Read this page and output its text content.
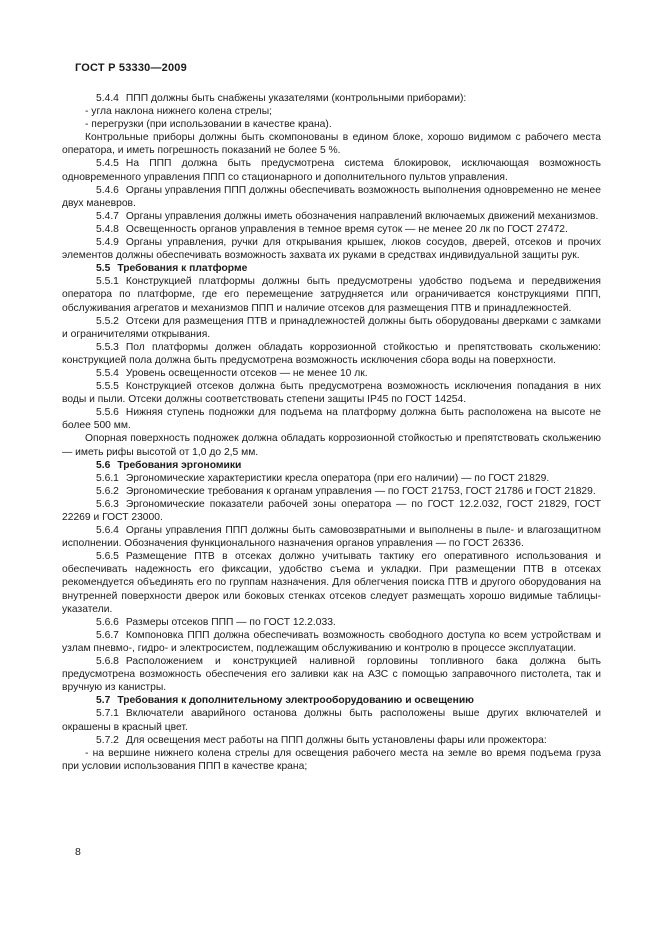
ГОСТ Р 53330—2009

5.4.4 ППП должны быть снабжены указателями (контрольными приборами):

- угла наклона нижнего колена стрелы;

- перегрузки (при использовании в качестве крана).

Контрольные приборы должны быть скомпонованы в едином блоке, хорошо видимом с рабочего места оператора, и иметь погрешность показаний не более 5 %.

5.4.5 На ППП должна быть предусмотрена система блокировок, исключающая возможность одновременного управления ППП со стационарного и дополнительного пультов управления.

5.4.6 Органы управления ППП должны обеспечивать возможность выполнения одновременно не менее двух маневров.

5.4.7 Органы управления должны иметь обозначения направлений включаемых движений механизмов.

5.4.8 Освещенность органов управления в темное время суток — не менее 20 лк по ГОСТ 27472.

5.4.9 Органы управления, ручки для открывания крышек, люков сосудов, дверей, отсеков и прочих элементов должны обеспечивать возможность захвата их руками в средствах индивидуальной защиты рук.

5.5 Требования к платформе

5.5.1 Конструкцией платформы должны быть предусмотрены удобство подъема и передвижения оператора по платформе, где его перемещение затрудняется или ограничивается конструкциями ППП, обслуживания агрегатов и механизмов ППП и наличие отсеков для размещения ПТВ и принадлежностей.

5.5.2 Отсеки для размещения ПТВ и принадлежностей должны быть оборудованы дверками с замками и ограничителями открывания.

5.5.3 Пол платформы должен обладать коррозионной стойкостью и препятствовать скольжению: конструкцией пола должна быть предусмотрена возможность исключения сбора воды на поверхности.

5.5.4 Уровень освещенности отсеков — не менее 10 лк.

5.5.5 Конструкцией отсеков должна быть предусмотрена возможность исключения попадания в них воды и пыли. Отсеки должны соответствовать степени защиты IP45 по ГОСТ 14254.

5.5.6 Нижняя ступень подножки для подъема на платформу должна быть расположена на высоте не более 500 мм.

Опорная поверхность подножек должна обладать коррозионной стойкостью и препятствовать скольжению — иметь рифы высотой от 1,0 до 2,5 мм.

5.6 Требования эргономики

5.6.1 Эргономические характеристики кресла оператора (при его наличии) — по ГОСТ 21829.

5.6.2 Эргономические требования к органам управления — по ГОСТ 21753, ГОСТ 21786 и ГОСТ 21829.

5.6.3 Эргономические показатели рабочей зоны оператора — по ГОСТ 12.2.032, ГОСТ 21829, ГОСТ 22269 и ГОСТ 23000.

5.6.4 Органы управления ППП должны быть самовозвратными и выполнены в пыле- и влагозащитном исполнении. Обозначения функционального назначения органов управления — по ГОСТ 26336.

5.6.5 Размещение ПТВ в отсеках должно учитывать тактику его оперативного использования и обеспечивать надежность его фиксации, удобство съема и укладки. При размещении ПТВ в отсеках рекомендуется объединять его по группам назначения. Для облегчения поиска ПТВ и другого оборудования на внутренней поверхности дверок или боковых стенках отсеков следует размещать хорошо видимые таблицы-указатели.

5.6.6 Размеры отсеков ППП — по ГОСТ 12.2.033.

5.6.7 Компоновка ППП должна обеспечивать возможность свободного доступа ко всем устройствам и узлам пневмо-, гидро- и электросистем, подлежащим обслуживанию и контролю в процессе эксплуатации.

5.6.8 Расположением и конструкцией наливной горловины топливного бака должна быть предусмотрена возможность обеспечения его заливки как на АЗС с помощью заправочного пистолета, так и вручную из канистры.

5.7 Требования к дополнительному электрооборудованию и освещению

5.7.1 Включатели аварийного останова должны быть расположены выше других включателей и окрашены в красный цвет.

5.7.2 Для освещения мест работы на ППП должны быть установлены фары или прожектора:

- на вершине нижнего колена стрелы для освещения рабочего места на земле во время подъема груза при условии использования ППП в качестве крана;

8
